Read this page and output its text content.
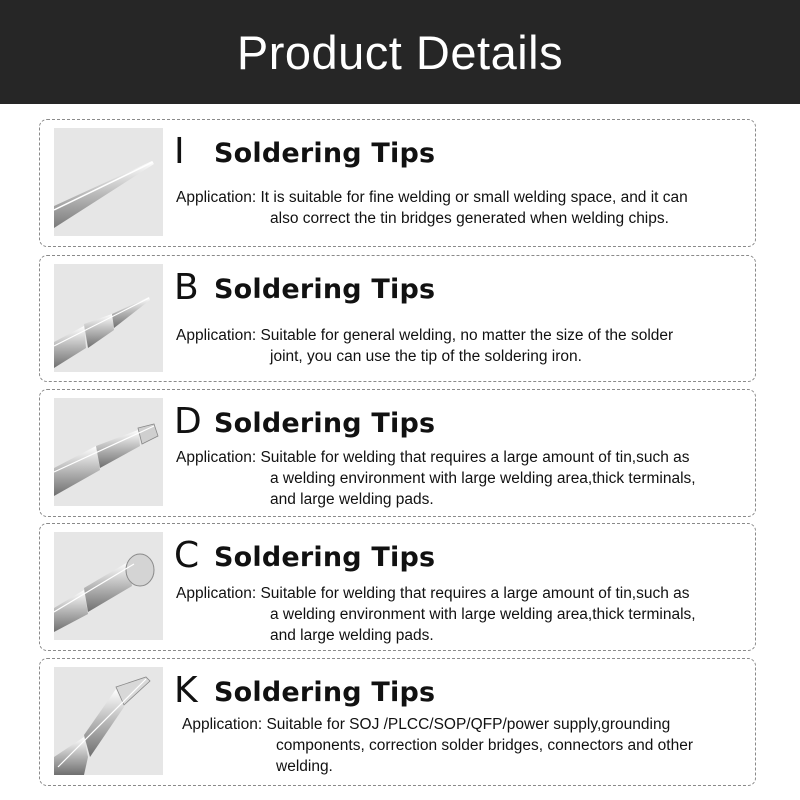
Product Details
I Soldering Tips
Application: It is suitable for fine welding or small welding space, and it can
also correct the tin bridges generated when welding chips.
B Soldering Tips
Application: Suitable for general welding, no matter the size of the solder
joint, you can use the tip of the soldering iron.
D Soldering Tips
Application: Suitable for welding that requires a large amount of tin,such as
a welding environment with large welding area,thick terminals,
and large welding pads.
C Soldering Tips
Application: Suitable for welding that requires a large amount of tin,such as
a welding environment with large welding area,thick terminals,
and large welding pads.
K Soldering Tips
Application: Suitable for SOJ /PLCC/SOP/QFP/power supply,grounding
components, correction solder bridges, connectors and other
welding.
